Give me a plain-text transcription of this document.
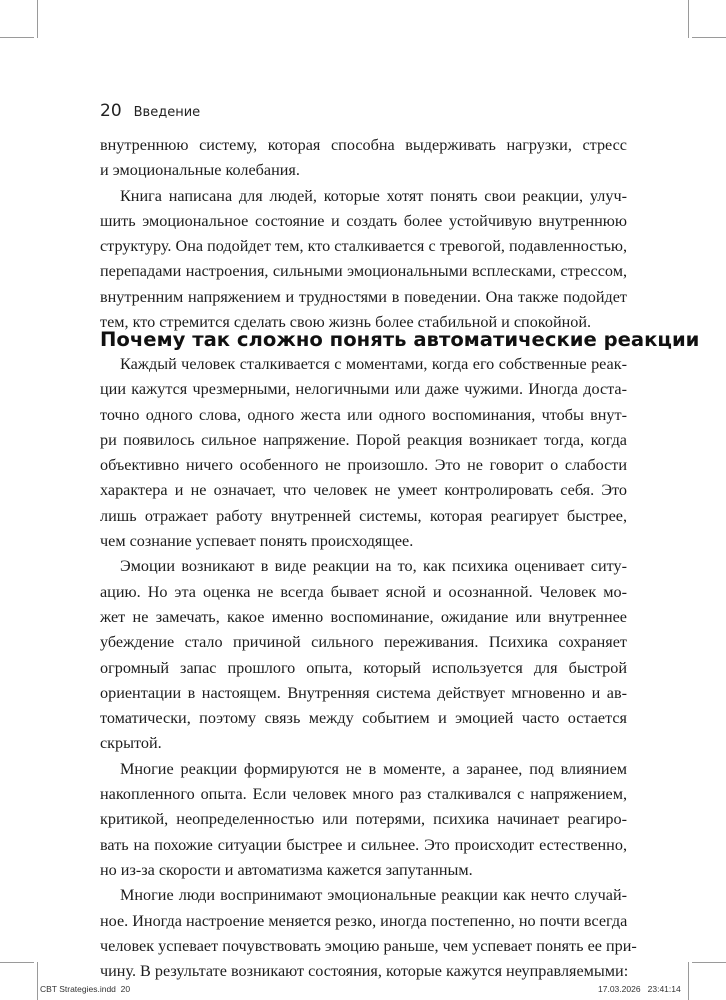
20 Введение
внутреннюю систему, которая способна выдерживать нагрузки, стресс
и эмоциональные колебания.
Книга написана для людей, которые хотят понять свои реакции, улуч-
шить эмоциональное состояние и создать более устойчивую внутреннюю
структуру. Она подойдет тем, кто сталкивается с тревогой, подавленностью,
перепадами настроения, сильными эмоциональными всплесками, стрессом,
внутренним напряжением и трудностями в поведении. Она также подойдет
тем, кто стремится сделать свою жизнь более стабильной и спокойной.
Почему так сложно понять автоматические реакции
Каждый человек сталкивается с моментами, когда его собственные реак-
ции кажутся чрезмерными, нелогичными или даже чужими. Иногда доста-
точно одного слова, одного жеста или одного воспоминания, чтобы внут-
ри появилось сильное напряжение. Порой реакция возникает тогда, когда
объективно ничего особенного не произошло. Это не говорит о слабости
характера и не означает, что человек не умеет контролировать себя. Это
лишь отражает работу внутренней системы, которая реагирует быстрее,
чем сознание успевает понять происходящее.
Эмоции возникают в виде реакции на то, как психика оценивает ситу-
ацию. Но эта оценка не всегда бывает ясной и осознанной. Человек мо-
жет не замечать, какое именно воспоминание, ожидание или внутреннее
убеждение стало причиной сильного переживания. Психика сохраняет
огромный запас прошлого опыта, который используется для быстрой
ориентации в настоящем. Внутренняя система действует мгновенно и ав-
томатически, поэтому связь между событием и эмоцией часто остается
скрытой.
Многие реакции формируются не в моменте, а заранее, под влиянием
накопленного опыта. Если человек много раз сталкивался с напряжением,
критикой, неопределенностью или потерями, психика начинает реагиро-
вать на похожие ситуации быстрее и сильнее. Это происходит естественно,
но из-за скорости и автоматизма кажется запутанным.
Многие люди воспринимают эмоциональные реакции как нечто случай-
ное. Иногда настроение меняется резко, иногда постепенно, но почти всегда
человек успевает почувствовать эмоцию раньше, чем успевает понять ее при-
чину. В результате возникают состояния, которые кажутся неуправляемыми:
CBT Strategies.indd 20	17.03.2026 23:41:14
